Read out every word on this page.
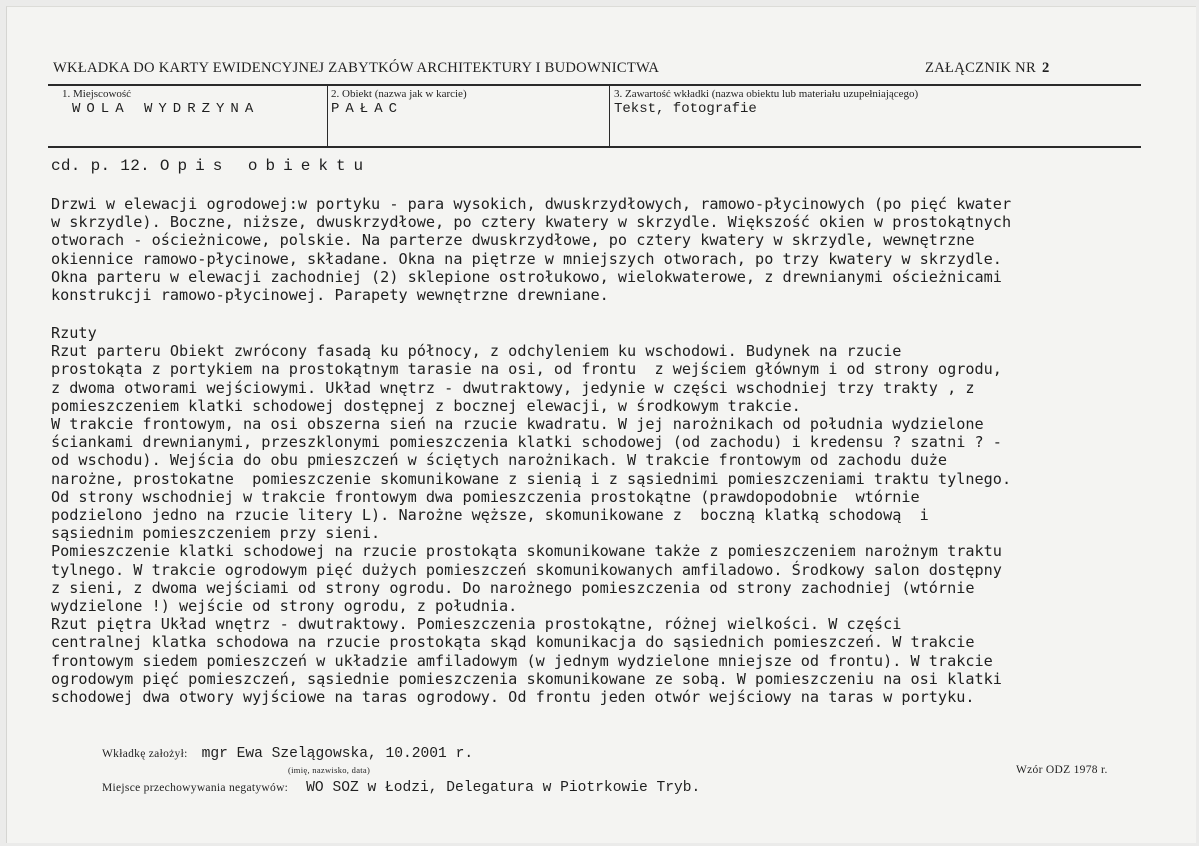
WKŁADKA DO KARTY EWIDENCYJNEJ ZABYTKÓW ARCHITEKTURY I BUDOWNICTWA	ZAŁĄCZNIK NR 2
1. Miejscowość
WOLA WYDRZYNA
2. Obiekt (nazwa jak w karcie)
PAŁAC
3. Zawartość wkładki (nazwa obiektu lub materiału uzupełniającego)
Tekst, fotografie
cd. p. 12. Opis obiektu
Drzwi w elewacji ogrodowej:w portyku - para wysokich, dwuskrzydłowych, ramowo-płycinowych (po pięć kwater
w skrzydle). Boczne, niższe, dwuskrzydłowe, po cztery kwatery w skrzydle. Większość okien w prostokątnych
otworach - ościeżnicowe, polskie. Na parterze dwuskrzydłowe, po cztery kwatery w skrzydle, wewnętrzne
okiennice ramowo-płycinowe, składane. Okna na piętrze w mniejszych otworach, po trzy kwatery w skrzydle.
Okna parteru w elewacji zachodniej (2) sklepione ostrołukowo, wielokwaterowe, z drewnianymi ościeżnicami
konstrukcji ramowo-płycinowej. Parapety wewnętrzne drewniane.
Rzuty
Rzut parteru Obiekt zwrócony fasadą ku północy, z odchyleniem ku wschodowi. Budynek na rzucie
prostokąta z portykiem na prostokątnym tarasie na osi, od frontu  z wejściem głównym i od strony ogrodu,
z dwoma otworami wejściowymi. Układ wnętrz - dwutraktowy, jedynie w części wschodniej trzy trakty , z
pomieszczeniem klatki schodowej dostępnej z bocznej elewacji, w środkowym trakcie.
W trakcie frontowym, na osi obszerna sień na rzucie kwadratu. W jej narożnikach od południa wydzielone
ściankami drewnianymi, przeszklonymi pomieszczenia klatki schodowej (od zachodu) i kredensu ? szatni ? -
od wschodu). Wejścia do obu pmieszczeń w ściętych narożnikach. W trakcie frontowym od zachodu duże
narożne, prostokatne  pomieszczenie skomunikowane z sienią i z sąsiednimi pomieszczeniami traktu tylnego.
Od strony wschodniej w trakcie frontowym dwa pomieszczenia prostokątne (prawdopodobnie  wtórnie
podzielono jedno na rzucie litery L). Narożne węższe, skomunikowane z  boczną klatką schodową  i
sąsiednim pomieszczeniem przy sieni.
Pomieszczenie klatki schodowej na rzucie prostokąta skomunikowane także z pomieszczeniem narożnym traktu
tylnego. W trakcie ogrodowym pięć dużych pomieszczeń skomunikowanych amfiladowo. Środkowy salon dostępny
z sieni, z dwoma wejściami od strony ogrodu. Do narożnego pomieszczenia od strony zachodniej (wtórnie
wydzielone !) wejście od strony ogrodu, z południa.
Rzut piętra Układ wnętrz - dwutraktowy. Pomieszczenia prostokątne, różnej wielkości. W części
centralnej klatka schodowa na rzucie prostokąta skąd komunikacja do sąsiednich pomieszczeń. W trakcie
frontowym siedem pomieszczeń w układzie amfiladowym (w jednym wydzielone mniejsze od frontu). W trakcie
ogrodowym pięć pomieszczeń, sąsiednie pomieszczenia skomunikowane ze sobą. W pomieszczeniu na osi klatki
schodowej dwa otwory wyjściowe na taras ogrodowy. Od frontu jeden otwór wejściowy na taras w portyku.
Wkładkę założył: mgr Ewa Szelągowska, 10.2001 r.
(imię, nazwisko, data)
Miejsce przechowywania negatywów: WO SOZ w Łodzi, Delegatura w Piotrkowie Tryb.
Wzór ODZ 1978 r.
